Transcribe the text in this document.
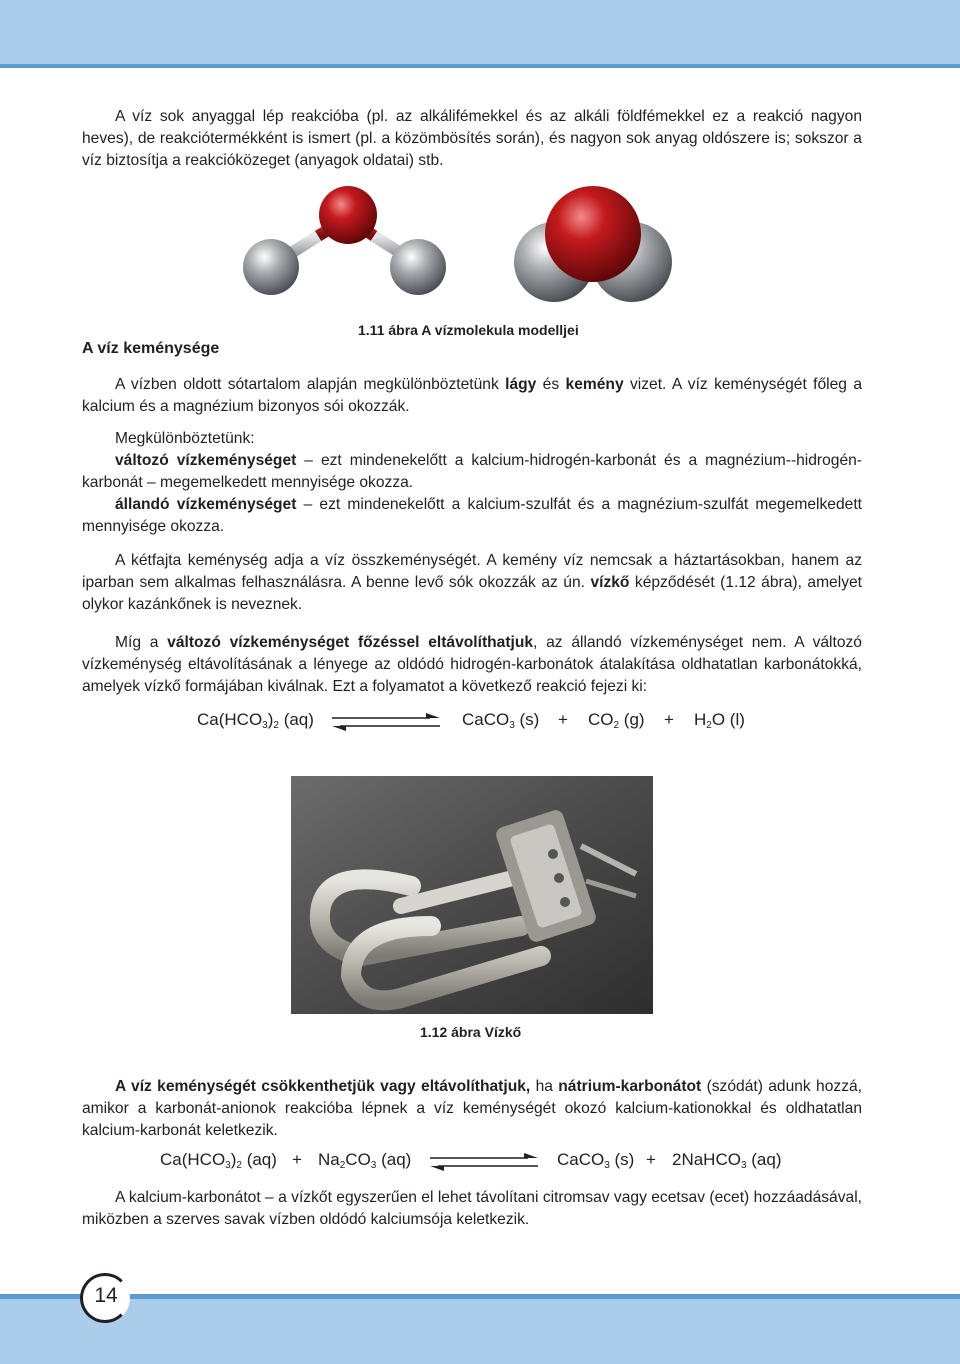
A víz sok anyaggal lép reakcióba (pl. az alkálifémekkel és az alkáli földfémekkel ez a reakció nagyon heves), de reakciótermékként is ismert (pl. a közömbösítés során), és nagyon sok anyag oldószere is; sokszor a víz biztosítja a reakcióközeget (anyagok oldatai) stb.

A víz keménysége

1.11 ábra A vízmolekula modelljei

A vízben oldott sótartalom alapján megkülönböztetünk lágy és kemény vizet. A víz keménységét főleg a kalcium és a magnézium bizonyos sói okozzák.

Megkülönböztetünk:
változó vízkeménységet – ezt mindenekelőtt a kalcium-hidrogén-karbonát és a magnézium--hidrogén-karbonát – megemelkedett mennyisége okozza.
állandó vízkeménységet – ezt mindenekelőtt a kalcium-szulfát és a magnézium-szulfát megemelkedett mennyisége okozza.

A kétfajta keménység adja a víz összkeménységét. A kemény víz nemcsak a háztartásokban, hanem az iparban sem alkalmas felhasználásra. A benne levő sók okozzák az ún. vízkő képződését (1.12 ábra), amelyet olykor kazánkőnek is neveznek.

Míg a változó vízkeménységet főzéssel eltávolíthatjuk, az állandó vízkeménységet nem. A változó vízkeménység eltávolításának a lényege az oldódó hidrogén-karbonátok átalakítása oldhatatlan karbonátokká, amelyek vízkő formájában kiválnak. Ezt a folyamatot a következő reakció fejezi ki:

$Ca(HCO_3)_2$ (aq)	CaCO$_3$ $(s) + CO_2$ $(g) + H_2O$ (l)

1.12 ábra Vízkő

A víz keménységét csökkenthetjük vagy eltávolíthatjuk, ha nátrium-karbonátot (szódát) adunk hozzá, amikor a karbonát-anionok reakcióba lépnek a víz keménységét okozó kalcium-kationokkal és oldhatatlan kalcium-karbonát keletkezik.

$Ca(HCO_3)_2$ $(aq) + Na_2CO_3$ (aq)	CaCO$_3$ (s) + 2NaHCO$_3$ (aq)

A kalcium-karbonátot – a vízkőt egyszerűen el lehet távolítani citromsav vagy ecetsav (ecet) hozzáadásával, miközben a szerves savak vízben oldódó kalciumsója keletkezik.

14
